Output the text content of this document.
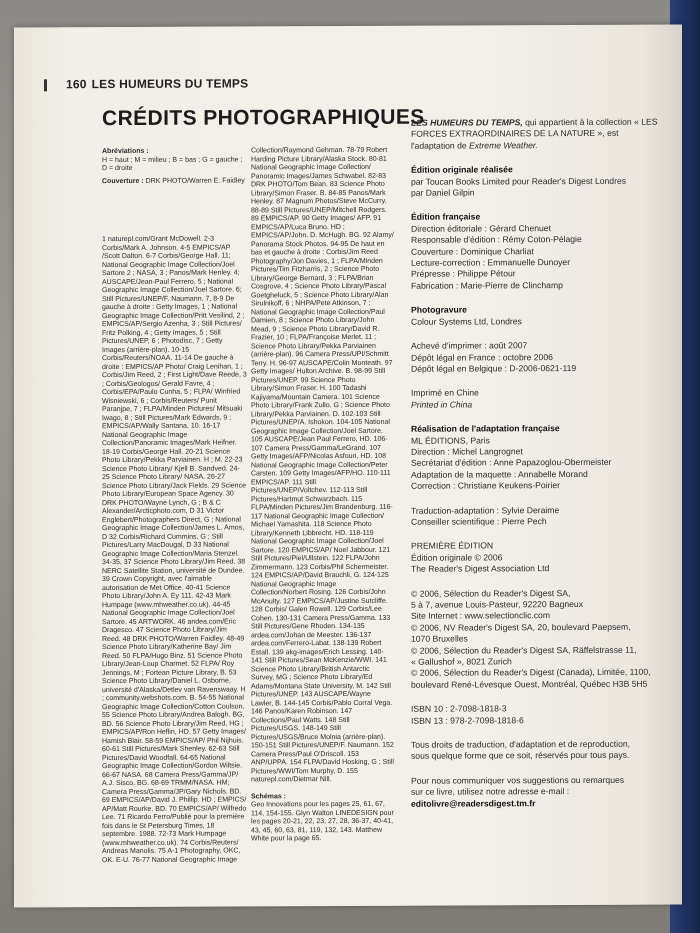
160 LES HUMEURS DU TEMPS
CRÉDITS PHOTOGRAPHIQUES

Abréviations :
H = haut ; M = milieu ; B = bas ; G = gauche ; D = droite

Couverture : DRK PHOTO/Warren E. Faidley

1 naturepl.com/Grant McDowell. 2-3 Corbis/Mark A. Johnson. 4-5 EMPICS/AP /Scott Dalton. 6-7 Corbis/George Hall. 11; National Geographic Image Collection/Joel Sartore 2 ; NASA, 3 ; Panos/Mark Henley. 4; AUSCAPE/Jean-Paul Ferrero, 5 ; National Geographic Image Collection/Joel Sartore. 6; Still Pictures/UNEP/F. Naumann. 7, 8-9 De gauche à droite : Getty Images, 1 ; National Geographic Image Collection/Pritt Vesilind, 2 ; EMPICS/AP/Sergio Azenha, 3 ; Still Pictures/ Fritz Polking, 4 ; Getty Images, 5 ; Still Pictures/UNEP, 6 ; Photodisc, 7 ; Getty Images (arrière-plan). 10-15 Corbis/Reuters/NOAA. 11-14 De gauche à droite : EMPICS/AP Photo/ Craig Lenihan, 1 ; Corbis/Jim Reed, 2 ; First Light/Dave Reede, 3 ; Corbis/Geologos/ Gerald Favre, 4 ; Corbis/EPA/Paulo Cunha, 5 ; FLPA/ Winfried Wisniewski, 6 ; Corbis/Reuters/ Punit Paranjpe, 7 ; FLPA/Minden Pictures/ Mitsuaki Iwago, 8 ; Still Pictures/Mark Edwards, 9 ; EMPICS/AP/Wally Santana. 10. 16-17 National Geographic Image Collection/Panoramic Images/Mark Heifner. 18-19 Corbis/George Hall. 20-21 Science Photo Library/Pekka Parviainen. H ; M. 22-23 Science Photo Library/ Kjell B. Sandved. 24-25 Science Photo Library/ NASA. 26-27 Science Photo Library/Jack Fields. 29 Science Photo Library/European Space Agency. 30 DRK PHOTO/Wayne Lynch, G ; B & C Alexander/Arcticphoto.com, D 31 Victor Englebert/Photographers Direct, G ; National Geographic Image Collection/James L. Amos, D 32 Corbis/Richard Cummins, G ; Still Pictures/Larry MacDougal, D 33 National Geographic Image Collection/Maria Stenzel. 34-35, 37 Science Photo Library/Jim Reed. 38 NERC Satellite Station, université de Dundee. 39 Crown Copyright, avec l'aimable autorisation de Met Office. 40-41 Science Photo Library/John A. Ey 111. 42-43 Mark Humpage (www.mhweather.co.uk). 44-45 National Geographic Image Collection/Joel Sartore. 45 ARTWORK. 46 andea.com/Eric Dragesco. 47 Science Photo Library/Jim Reed. 48 DRK PHOTO/Warren Faidley. 48-49 Science Photo Library/Katherine Bay/ Jim Reed. 50 FLPA/Hugo Binz. 51 Science Photo Library/Jean-Loup Charmet. 52 FLPA/ Roy Jennings, M ; Fortean Picture Library, B. 53 Science Photo Library/Daniel L. Osborne, université d'Alaska/Detlev van Ravenswaay. H ; community.webshots.com. B. 54-55 National Geographic Image Collection/Cotton Coulson. 55 Science Photo Library/Andrea Balogh. BG, BD. 56 Science Photo Library/Jim Reed, HG ; EMPICS/AP/Ron Heflin, HD. 57 Getty Images/ Hamish Blair. 58-59 EMPICS/AP/ Phil Nijhuis. 60-61 Still Pictures/Mark Shenley. 62-63 Still Pictures/David Woodfall. 64-65 National Geographic Image Collection/Gordon Wiltsie. 66-67 NASA. 68 Camera Press/Gamma/JP/ A.J. Sisco. BG. 68-69 TRMM/NASA. HM; Camera Press/Gamma/JP/Gary Nichols. BD. 69 EMPICS/AP/David J. Phillip. HD ; EMPICS/ AP/Matt Rourke. BD. 70 EMPICS/AP/ Wilfredo Lee. 71 Ricardo Ferro/Publié pour la première fois dans le St Petersburg Times, 18 septembre. 1988. 72-73 Mark Humpage (www.mhweather.co.uk). 74 Corbis/Reuters/ Andreas Manolis. 75 A-1 Photography, OKC, OK. E-U. 76-77 National Geographic Image

Collection/Raymond Gehman. 78-79 Robert Harding Picture Library/Alaska Stock. 80-81 National Geographic Image Collection/ Panoramic Images/James Schwabel. 82-83 DRK PHOTO/Tom Bean. 83 Science Photo Library/Simon Fraser. B. 84-85 Panos/Mark Henley. 87 Magnum Photos/Steve McCurry. 88-89 Still Pictures/UNEP/Mitchell Rodgers. 89 EMPICS/AP. 90 Getty Images/ AFP. 91 EMPICS/AP/Luca Bruno. HD ; EMPICS/AP/John. D. McHugh. BG. 92 Alamy/ Panorama Stock Photos. 94-95 De haut en bas et gauche à droite : Corbis/Jim Reed Photography/Jon Davies, 1 ; FLPA/Minden Pictures/Tim Fitzharris, 2 ; Science Photo Library/George Bernard, 3 ; FLPA/Brian Cosgrove, 4 ; Science Photo Library/Pascal Goetgheluck, 5 ; Science Photo Library/Alan Sirulnikoff, 6 ; NHPA/Pete Atkinson, 7 ; National Geographic Image Collection/Paul Damien, 8 ; Science Photo Library/John Mead, 9 ; Science Photo Library/David R. Frazier, 10 ; FLPA/Françoise Merlet, 11 ; Science Photo Library/Pekka Parviainen (arrière-plan). 96 Camera Press/UPI/Schmitt Terry. H. 96-97 AUSCAPE/Colin Monteath. 97 Getty Images/ Hulton Archive. B. 98-99 Still Pictures/UNEP. 99 Science Photo Library/Simon Fraser. H. 100 Tadashi Kajiyama/Mountain Camera. 101 Science Photo Library/Frank Zullo. G ; Science Photo Library/Pekka Parviainen. D. 102-103 Still Pictures/UNEP/A. Ishokon. 104-105 National Geographic Image Collection/Joel Sartore. 105 AUSCAPE/Jean Paul Ferrero, HD. 106-107 Camera Press/Gamma/LeGrand. 107 Getty Images/AFP/Nicolas Asfouri, HD. 108 National Geographic Image Collection/Peter Carsten. 109 Getty Images/AFP/HO. 110-111 EMPICS/AP. 111 Still Pictures/UNEP/Voltchev. 112-113 Still Pictures/Hartmut Schwarzbach. 115 FLPA/Minden Pictures/Jim Brandenburg. 116-117 National Geographic Image Collection/ Michael Yamashita. 118 Science Photo Library/Kenneth Libbrecht. HD. 118-119 National Geographic Image Collection/Joel Sartore. 120 EMPICS/AP/ Noel Jabbour. 121 Still Pictures/Piel/Ullstein. 122 FLPA/John Zimmermann. 123 Corbis/Phil Schermeister. 124 EMPICS/AP/David Brauchli, G. 124-125 National Geographic Image Collection/Norbert Rosing. 126 Corbis/John McAnulty. 127 EMPICS/AP/Justine Sutcliffe. 128 Corbis/ Galen Rowell. 129 Corbis/Lee Cohen. 130-131 Camera Press/Gamma. 133 Still Pictures/Gene Rhoden. 134-135 ardea.com/Johan de Meester. 136-137 ardea.com/Ferrero-Labat. 138-139 Robert Estall. 139 akg-images/Erich Lessing. 140-141 Still Pictures/Sean McKenzie/WWI. 141 Science Photo Library/British Antarctic Survey, MG ; Science Photo Library/Ed Adams/Montana State University, M. 142 Still Pictures/UNEP. 143 AUSCAPE/Wayne Lawler, B. 144-145 Corbis/Pablo Corral Vega. 146 Panos/Karen Robinson. 147 Collections/Paul Watts. 148 Still Pictures/USGS. 148-149 Still Pictures/USGS/Bruce Molnia (arrière-plan). 150-151 Still Pictures/UNEP/F. Naumann. 152 Camera Press/Paul O'Driscoll. 153 ANP/UPPA. 154 FLPA/David Hosking, G ; Still Pictures/WWI/Tom Murphy, D. 155 naturepl.com/Dietmar Nill.

Schémas :
Geo Innovations pour les pages 25, 61, 67, 114, 154-155. Glyn Walton LINEDESIGN pour les pages 20-21, 22, 23, 27, 28, 36-37, 40-41, 43, 45, 60, 63, 81, 119, 132, 143. Matthew White pour la page 65.

LES HUMEURS DU TEMPS, qui appartient à la collection « LES FORCES EXTRAORDINAIRES DE LA NATURE », est l'adaptation de Extreme Weather.
Édition originale réalisée
par Toucan Books Limited pour Reader's Digest Londres
par Daniel Gilpin
Édition française
Direction éditoriale : Gérard Chenuet
Responsable d'édition : Rémy Coton-Pélagie
Couverture : Dominique Charliat
Lecture-correction : Emmanuelle Dunoyer
Prépresse : Philippe Pétour
Fabrication : Marie-Pierre de Clinchamp
Photogravure
Colour Systems Ltd, Londres
Achevé d'imprimer : août 2007
Dépôt légal en France : octobre 2006
Dépôt légal en Belgique : D-2006-0621-119
Imprimé en Chine
Printed in China
Réalisation de l'adaptation française
ML ÉDITIONS, Paris
Direction : Michel Langrognet
Secrétariat d'édition : Anne Papazoglou-Obermeister
Adaptation de la maquette : Annabelle Morand
Correction : Christiane Keukens-Poirier
Traduction-adaptation : Sylvie Deraime
Conseiller scientifique : Pierre Pech
PREMIÈRE ÉDITION
Édition originale © 2006
The Reader's Digest Association Ltd
© 2006, Sélection du Reader's Digest SA,
5 à 7, avenue Louis-Pasteur, 92220 Bagneux
Site Internet : www.selectionclic.com
© 2006, NV Reader's Digest SA, 20, boulevard Paepsem,
1070 Bruxelles
© 2006, Sélection du Reader's Digest SA, Räffelstrasse 11,
« Gallushof », 8021 Zurich
© 2006, Sélection du Reader's Digest (Canada), Limitée, 1100,
boulevard René-Lévesque Ouest, Montréal, Québec H3B 5H5
ISBN 10 : 2-7098-1818-3
ISBN 13 : 978-2-7098-1818-6
Tous droits de traduction, d'adaptation et de reproduction,
sous quelque forme que ce soit, réservés pour tous pays.
Pour nous communiquer vos suggestions ou remarques
sur ce livre, utilisez notre adresse e-mail :
editolivre@readersdigest.tm.fr
